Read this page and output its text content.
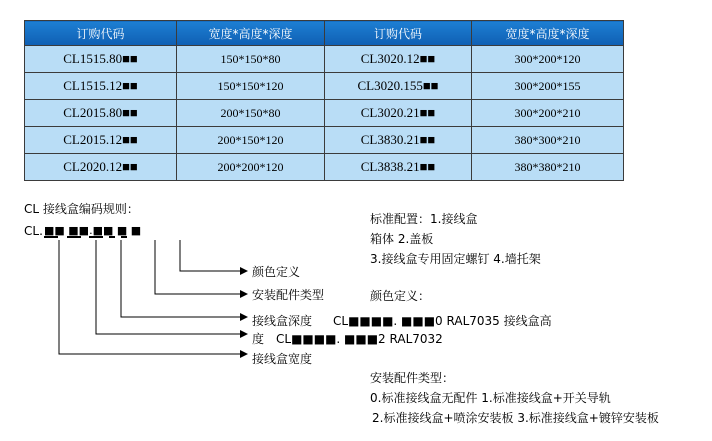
订购代码	宽度*高度*深度	订购代码	宽度*高度*深度
CL1515.80■■	150*150*80	CL3020.12■■	300*200*120
CL1515.12■■	150*150*120	CL3020.155■■	300*200*155
CL2015.80■■	200*150*80	CL3020.21■■	300*200*210
CL2015.12■■	200*150*120	CL3830.21■■	380*300*210
CL2020.12■■	200*200*120	CL3838.21■■	380*380*210
CL 接线盒编码规则：
CL. ■■ ■■.■■ ■ ■
颜色定义
安装配件类型
接线盒深度 CL■■■■. ■■■0 RAL7035 接线盒高
度 CL■■■■. ■■■2 RAL7032
接线盒宽度
标准配置：1.接线盒
箱体 2.盖板
3.接线盒专用固定螺钉 4.墙托架
颜色定义：
安装配件类型：
0.标准接线盒无配件 1.标准接线盒+开关导轨
2.标准接线盒+喷涂安装板 3.标准接线盒+镀锌安装板
